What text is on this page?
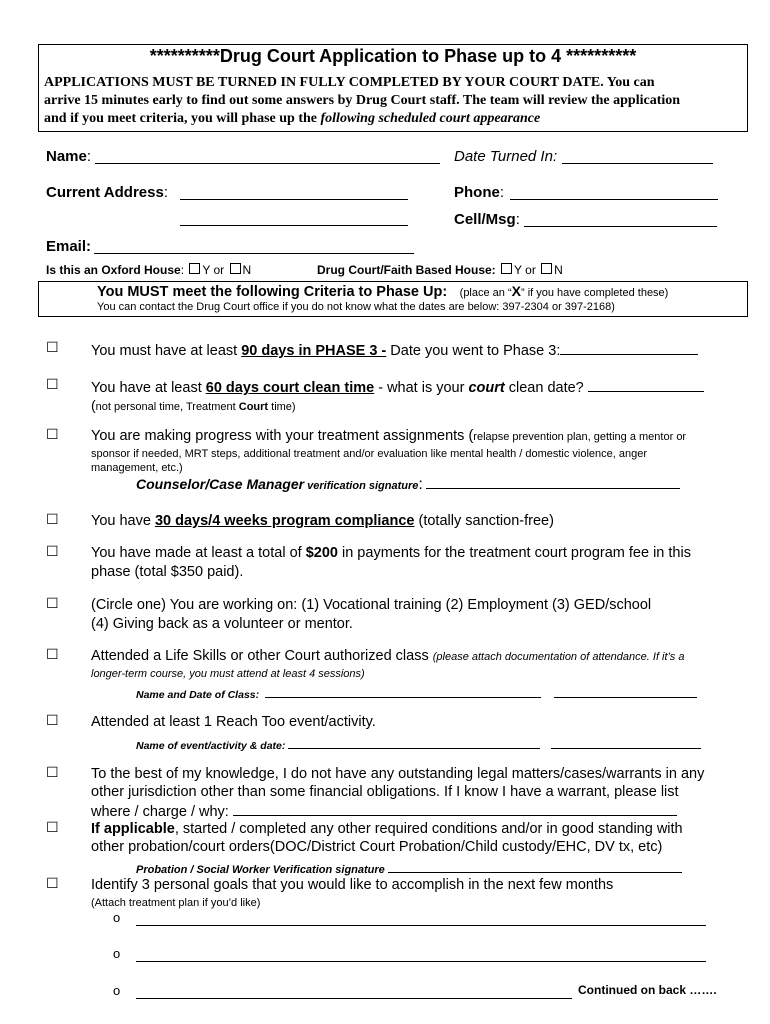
**********Drug Court Application to Phase up to 4 **********
APPLICATIONS MUST BE TURNED IN FULLY COMPLETED BY YOUR COURT DATE. You can
arrive 15 minutes early to find out some answers by Drug Court staff. The team will review the application
and if you meet criteria, you will phase up the following scheduled court appearance
Name:	Date Turned In:
Current Address:	Phone:
Cell/Msg:
Email:
Is this an Oxford House: Y or N	Drug Court/Faith Based House: Y or N
You MUST meet the following Criteria to Phase Up: (place an “X” if you have completed these)
You can contact the Drug Court office if you do not know what the dates are below: 397-2304 or 397-2168)
☐ You must have at least 90 days in PHASE 3 - Date you went to Phase 3:
☐ You have at least 60 days court clean time - what is your court clean date?
(not personal time, Treatment Court time)
☐ You are making progress with your treatment assignments (relapse prevention plan, getting a mentor or
sponsor if needed, MRT steps, additional treatment and/or evaluation like mental health / domestic violence, anger
management, etc.)
Counselor/Case Manager verification signature:
☐ You have 30 days/4 weeks program compliance (totally sanction-free)
☐ You have made at least a total of $200 in payments for the treatment court program fee in this
phase (total $350 paid).
☐ (Circle one) You are working on: (1) Vocational training (2) Employment (3) GED/school
(4) Giving back as a volunteer or mentor.
☐ Attended a Life Skills or other Court authorized class (please attach documentation of attendance. If it’s a
longer-term course, you must attend at least 4 sessions)
Name and Date of Class:
☐ Attended at least 1 Reach Too event/activity.
Name of event/activity & date:
☐ To the best of my knowledge, I do not have any outstanding legal matters/cases/warrants in any
other jurisdiction other than some financial obligations. If I know I have a warrant, please list
where / charge / why:
☐ If applicable, started / completed any other required conditions and/or in good standing with
other probation/court orders(DOC/District Court Probation/Child custody/EHC, DV tx, etc)
Probation / Social Worker Verification signature
☐ Identify 3 personal goals that you would like to accomplish in the next few months
(Attach treatment plan if you’d like)
o
o
o	Continued on back …….
